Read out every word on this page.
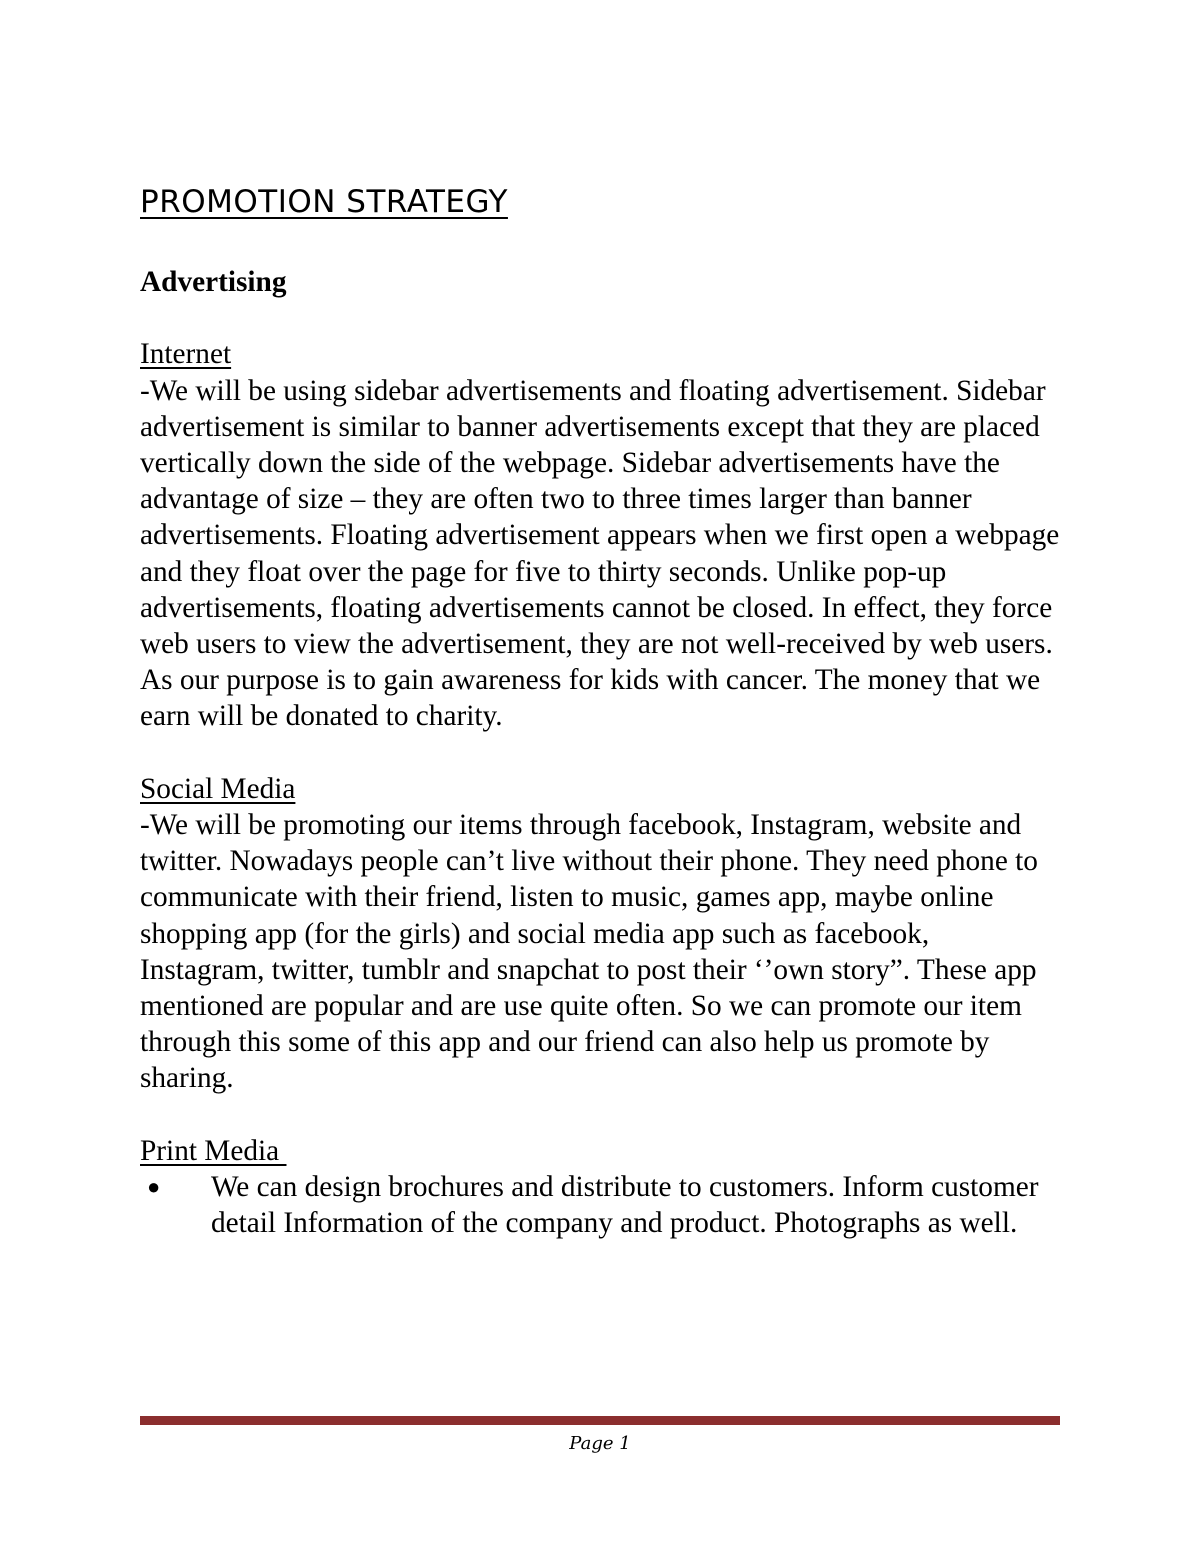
PROMOTION STRATEGY

Advertising

Internet

-We will be using sidebar advertisements and floating advertisement. Sidebar advertisement is similar to banner advertisements except that they are placed vertically down the side of the webpage. Sidebar advertisements have the advantage of size – they are often two to three times larger than banner advertisements. Floating advertisement appears when we first open a webpage and they float over the page for five to thirty seconds. Unlike pop-up advertisements, floating advertisements cannot be closed. In effect, they force web users to view the advertisement, they are not well-received by web users. As our purpose is to gain awareness for kids with cancer. The money that we earn will be donated to charity.

Social Media

-We will be promoting our items through facebook, Instagram, website and twitter. Nowadays people can’t live without their phone. They need phone to communicate with their friend, listen to music, games app, maybe online shopping app (for the girls) and social media app such as facebook, Instagram, twitter, tumblr and snapchat to post their ‘’own story”. These app mentioned are popular and are use quite often. So we can promote our item through this some of this app and our friend can also help us promote by sharing.

Print Media

● We can design brochures and distribute to customers. Inform customer detail Information of the company and product. Photographs as well.
Page 1
